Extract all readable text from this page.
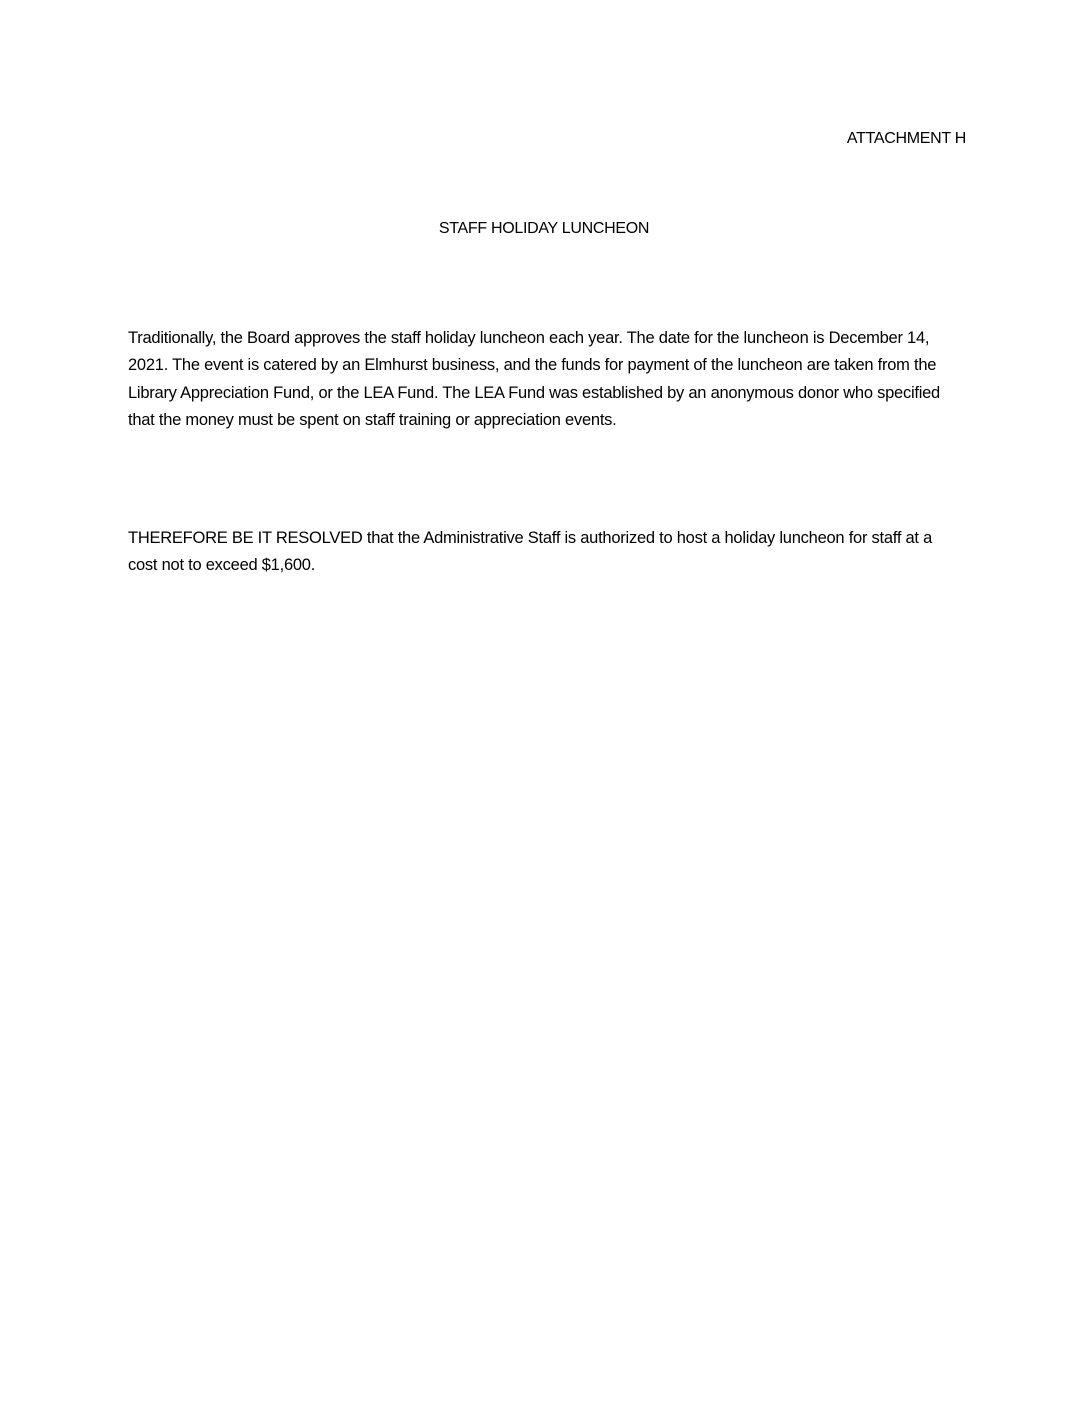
ATTACHMENT H
STAFF HOLIDAY LUNCHEON

Traditionally, the Board approves the staff holiday luncheon each year. The date for the luncheon is December 14, 2021. The event is catered by an Elmhurst business, and the funds for payment of the luncheon are taken from the Library Appreciation Fund, or the LEA Fund. The LEA Fund was established by an anonymous donor who specified that the money must be spent on staff training or appreciation events.

THEREFORE BE IT RESOLVED that the Administrative Staff is authorized to host a holiday luncheon for staff at a cost not to exceed $1,600.
